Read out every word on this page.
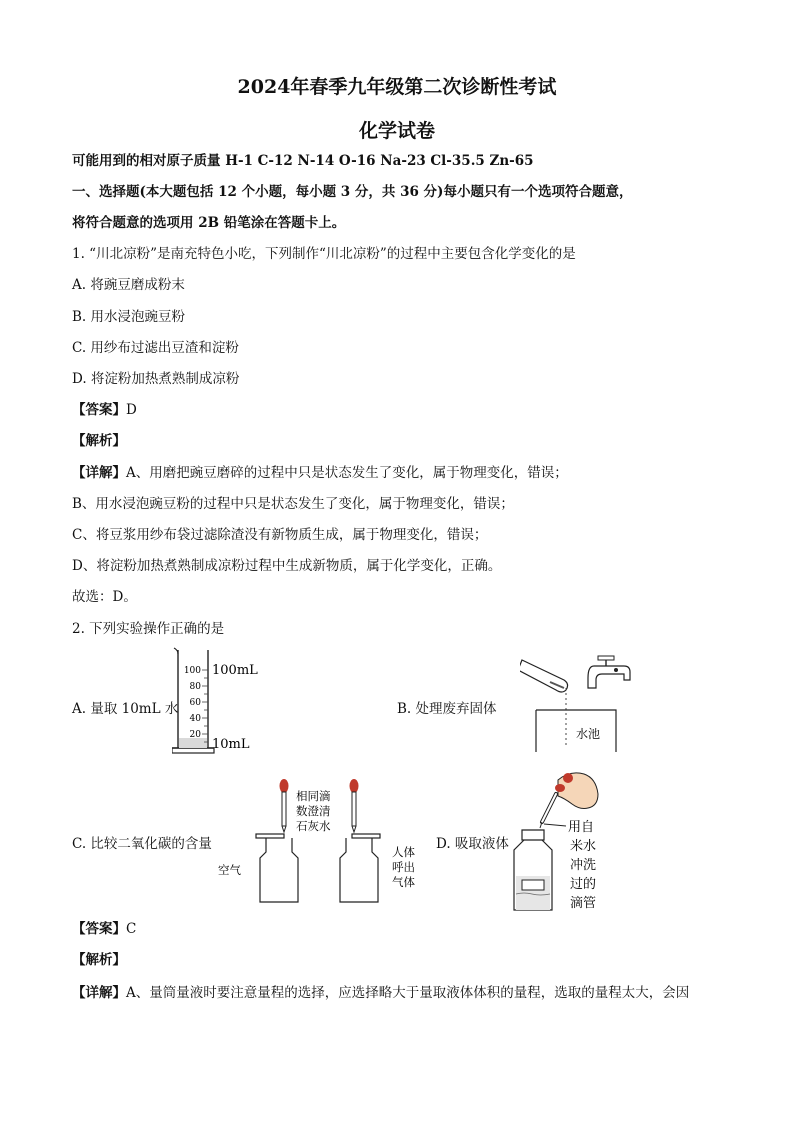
2024年春季九年级第二次诊断性考试
化学试卷
可能用到的相对原子质量 H-1 C-12 N-14 O-16 Na-23 Cl-35.5 Zn-65
一、选择题(本大题包括 12 个小题，每小题 3 分，共 36 分)每小题只有一个选项符合题意，
将符合题意的选项用 2B 铅笔涂在答题卡上。
1. “川北凉粉”是南充特色小吃，下列制作“川北凉粉”的过程中主要包含化学变化的是
A. 将豌豆磨成粉末
B. 用水浸泡豌豆粉
C. 用纱布过滤出豆渣和淀粉
D. 将淀粉加热煮熟制成凉粉
【答案】D
【解析】
【详解】A、用磨把豌豆磨碎的过程中只是状态发生了变化，属于物理变化，错误；
B、用水浸泡豌豆粉的过程中只是状态发生了变化，属于物理变化，错误；
C、将豆浆用纱布袋过滤除渣没有新物质生成，属于物理变化，错误；
D、将淀粉加热煮熟制成凉粉过程中生成新物质，属于化学变化，正确。
故选：D。
2. 下列实验操作正确的是
A. 量取 10mL 水
100
80
60
40
20
100mL
10mL
B. 处理废弃固体
水池
C. 比较二氧化碳的含量
相同滴
数澄清
石灰水
空气
人体
呼出
气体
D. 吸取液体
用自
米水
冲洗
过的
滴管
【答案】C
【解析】
【详解】A、量筒量液时要注意量程的选择，应选择略大于量取液体体积的量程，选取的量程太大，会因
